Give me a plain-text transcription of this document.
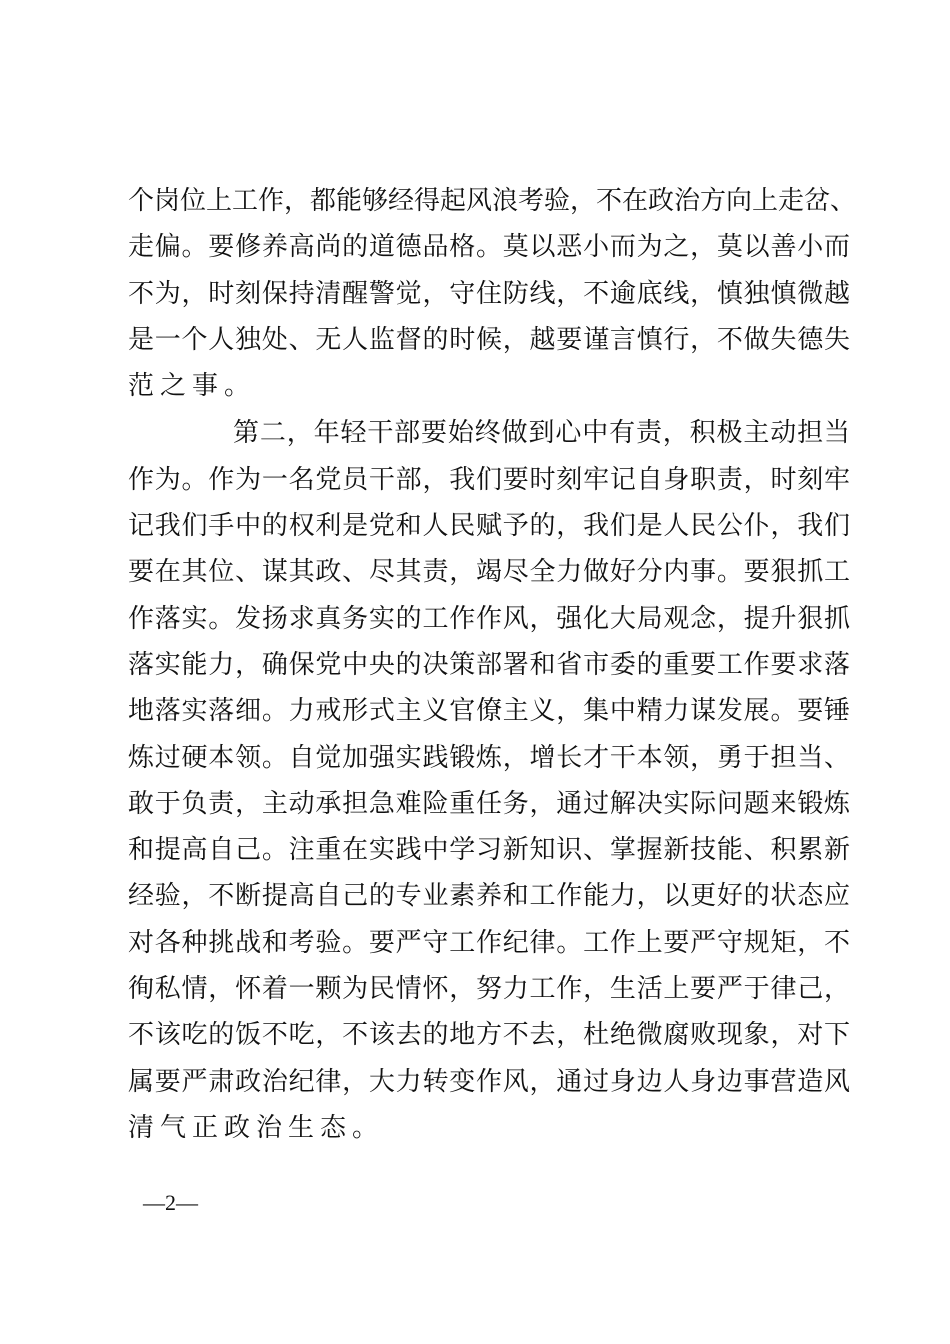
个岗位上工作，都能够经得起风浪考验，不在政治方向上走岔、
走偏。要修养高尚的道德品格。莫以恶小而为之，莫以善小而
不为，时刻保持清醒警觉，守住防线，不逾底线，慎独慎微越
是一个人独处、无人监督的时候，越要谨言慎行，不做失德失
范之事。
第二，年轻干部要始终做到心中有责，积极主动担当
作为。作为一名党员干部，我们要时刻牢记自身职责，时刻牢
记我们手中的权利是党和人民赋予的，我们是人民公仆，我们
要在其位、谋其政、尽其责，竭尽全力做好分内事。要狠抓工
作落实。发扬求真务实的工作作风，强化大局观念，提升狠抓
落实能力，确保党中央的决策部署和省市委的重要工作要求落
地落实落细。力戒形式主义官僚主义，集中精力谋发展。要锤
炼过硬本领。自觉加强实践锻炼，增长才干本领，勇于担当、
敢于负责，主动承担急难险重任务，通过解决实际问题来锻炼
和提高自己。注重在实践中学习新知识、掌握新技能、积累新
经验，不断提高自己的专业素养和工作能力，以更好的状态应
对各种挑战和考验。要严守工作纪律。工作上要严守规矩，不
徇私情，怀着一颗为民情怀，努力工作，生活上要严于律己，
不该吃的饭不吃，不该去的地方不去，杜绝微腐败现象，对下
属要严肃政治纪律，大力转变作风，通过身边人身边事营造风
清气正政治生态。
—2—
